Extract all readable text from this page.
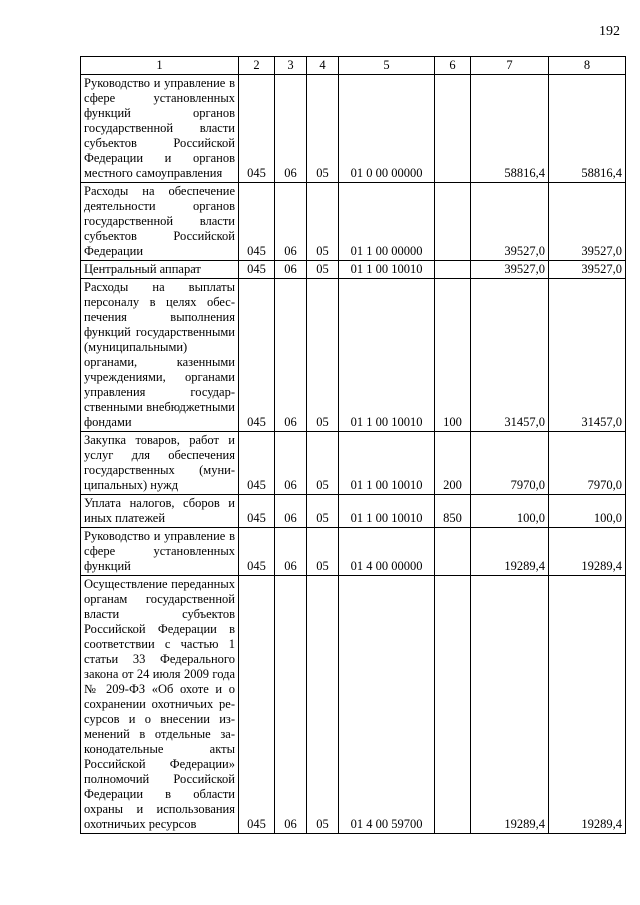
192
1	2	3	4	5	6	7	8
Руководство и управление в сфере установленных функций органов государственной власти субъектов Российской Федерации и органов местного самоуправления	045	06	05	01 0 00 00000		58816,4	58816,4
Расходы на обеспечение деятельности органов государственной власти субъектов Российской Федерации	045	06	05	01 1 00 00000		39527,0	39527,0
Центральный аппарат	045	06	05	01 1 00 10010		39527,0	39527,0
Расходы на выплаты персоналу в целях обеспечения выполнения функций государственными (муниципальными) органами, казенными учреждениями, органами управления государственными внебюджетными фондами	045	06	05	01 1 00 10010	100	31457,0	31457,0
Закупка товаров, работ и услуг для обеспечения государственных (муниципальных) нужд	045	06	05	01 1 00 10010	200	7970,0	7970,0
Уплата налогов, сборов и иных платежей	045	06	05	01 1 00 10010	850	100,0	100,0
Руководство и управление в сфере установленных функций	045	06	05	01 4 00 00000		19289,4	19289,4
Осуществление переданных органам государственной власти субъектов Российской Федерации в соответствии с частью 1 статьи 33 Федерального закона от 24 июля 2009 года № 209-ФЗ «Об охоте и о сохранении охотничьих ресурсов и о внесении изменений в отдельные законодательные акты Российской Федерации» полномочий Российской Федерации в области охраны и использования охотничьих ресурсов	045	06	05	01 4 00 59700		19289,4	19289,4
